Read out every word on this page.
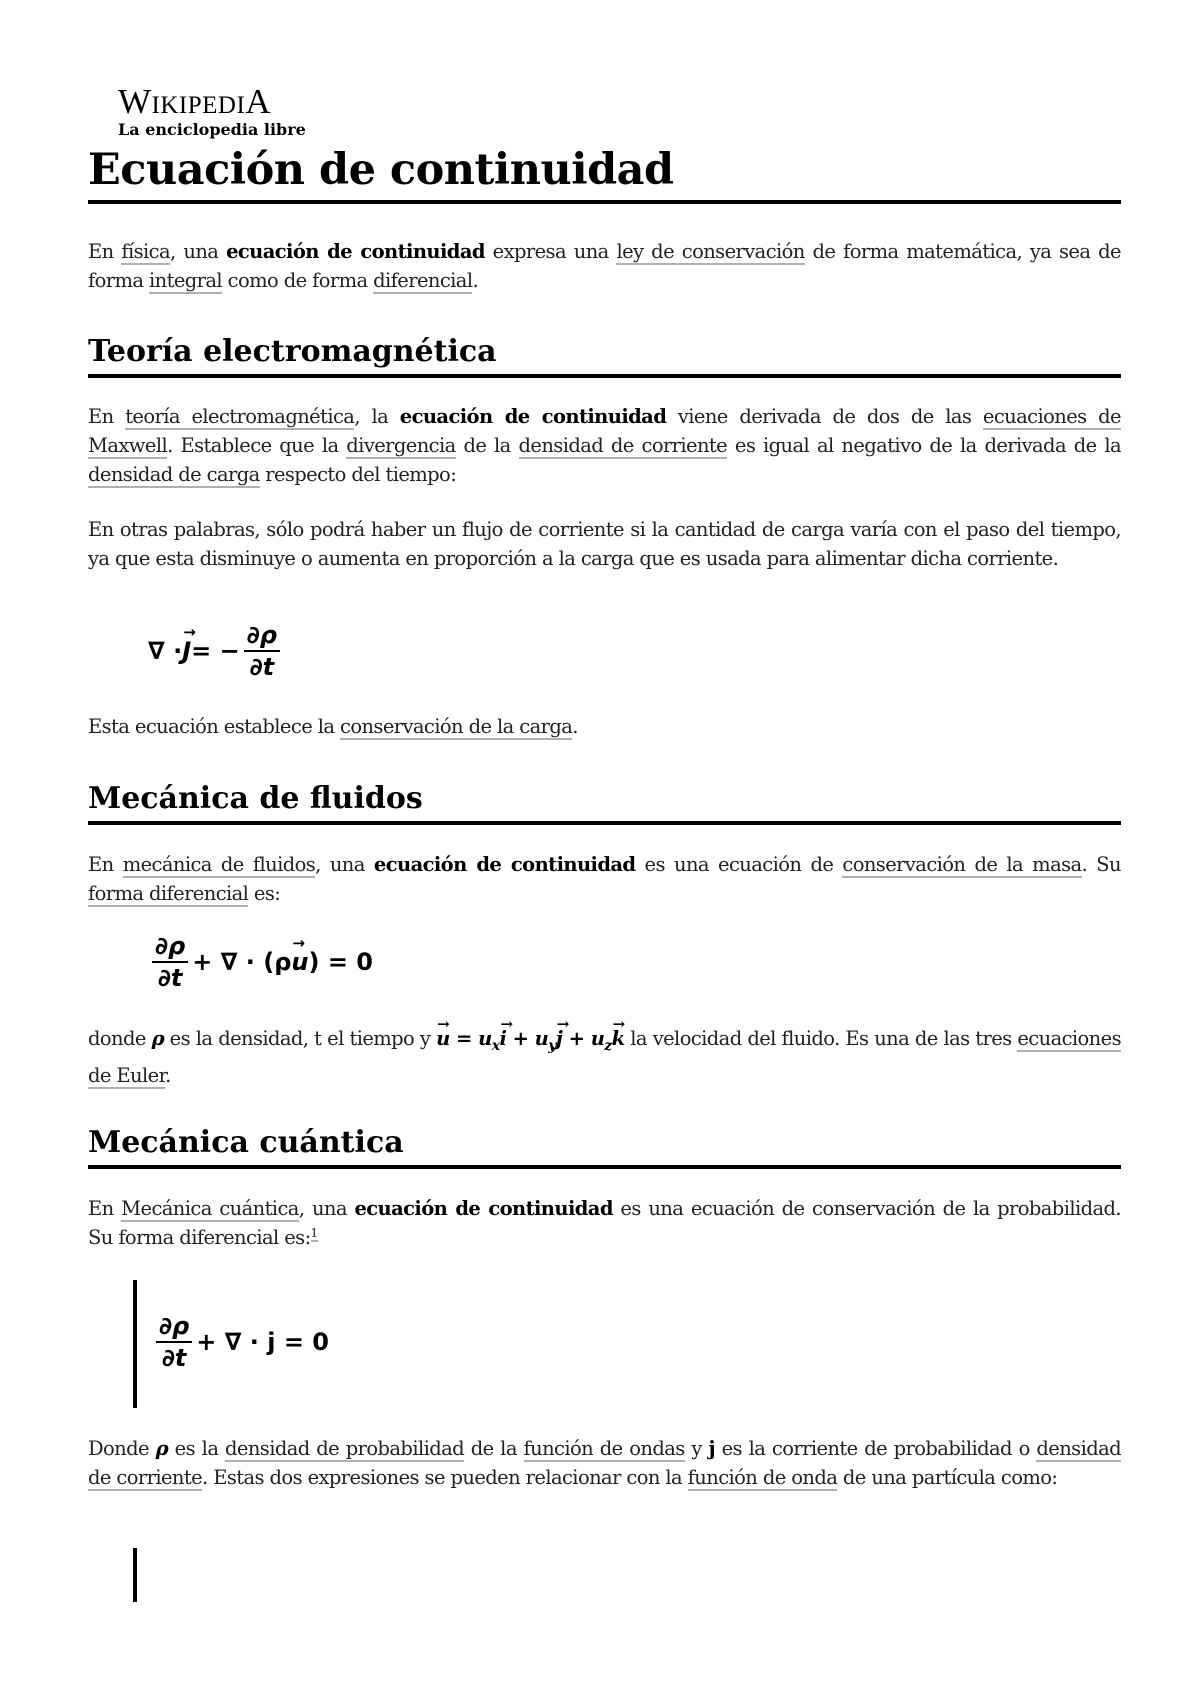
WIKIPEDIA
La enciclopedia libre
Ecuación de continuidad

En física, una ecuación de continuidad expresa una ley de conservación de forma matemática, ya sea de forma integral como de forma diferencial.

Teoría electromagnética

En teoría electromagnética, la ecuación de continuidad viene derivada de dos de las ecuaciones de Maxwell. Establece que la divergencia de la densidad de corriente es igual al negativo de la derivada de la densidad de carga respecto del tiempo:

En otras palabras, sólo podrá haber un flujo de corriente si la cantidad de carga varía con el paso del tiempo, ya que esta disminuye o aumenta en proporción a la carga que es usada para alimentar dicha corriente.

∇ · → J = − $\frac{\partial\rho}{\partial t}$

Esta ecuación establece la conservación de la carga.

Mecánica de fluidos

En mecánica de fluidos, una ecuación de continuidad es una ecuación de conservación de la masa. Su forma diferencial es:

$\frac{\partial\rho}{\partial t}$ + ∇ · (ρ → u ) = 0

donde ρ es la densidad, t el tiempo $y \to u = u_x\to i + u_y\to j + u_z\to k$ la velocidad del fluido. Es una de las tres ecuaciones de Euler.

Mecánica cuántica

En Mecánica cuántica, una ecuación de continuidad es una ecuación de conservación de la probabilidad. Su forma diferencial es:$^1$

$\frac{\partial\rho}{\partial t}$ + ∇ · j = 0

Donde ρ es la densidad de probabilidad de la función de ondas y j es la corriente de probabilidad o densidad de corriente. Estas dos expresiones se pueden relacionar con la función de onda de una partícula como:
